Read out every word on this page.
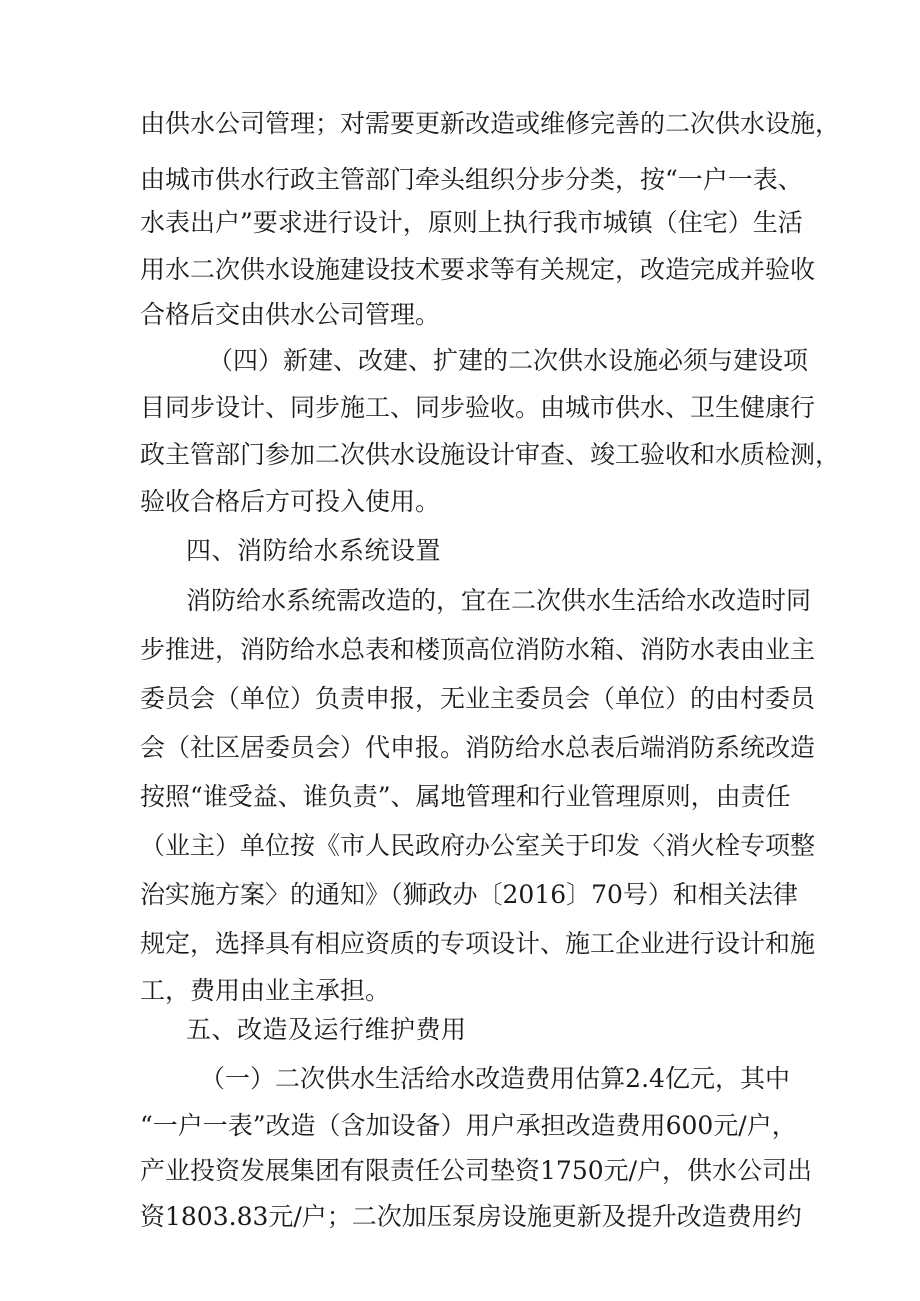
由供水公司管理；对需要更新改造或维修完善的二次供水设施，

由城市供水行政主管部门牵头组织分步分类，按“一户一表、

水表出户”要求进行设计，原则上执行我市城镇（住宅）生活

用水二次供水设施建设技术要求等有关规定，改造完成并验收

合格后交由供水公司管理。

（四）新建、改建、扩建的二次供水设施必须与建设项

目同步设计、同步施工、同步验收。由城市供水、卫生健康行

政主管部门参加二次供水设施设计审查、竣工验收和水质检测，

验收合格后方可投入使用。

四、消防给水系统设置

消防给水系统需改造的，宜在二次供水生活给水改造时同

步推进，消防给水总表和楼顶高位消防水箱、消防水表由业主

委员会（单位）负责申报，无业主委员会（单位）的由村委员

会（社区居委员会）代申报。消防给水总表后端消防系统改造

按照“谁受益、谁负责”、属地管理和行业管理原则，由责任

（业主）单位按《市人民政府办公室关于印发〈消火栓专项整

治实施方案〉的通知》（狮政办〔2016〕70号）和相关法律

规定，选择具有相应资质的专项设计、施工企业进行设计和施

工，费用由业主承担。

五、改造及运行维护费用

（一）二次供水生活给水改造费用估算2.4亿元，其中

“一户一表”改造（含加设备）用户承担改造费用600元/户，

产业投资发展集团有限责任公司垫资1750元/户，供水公司出

资1803.83元/户；二次加压泵房设施更新及提升改造费用约
